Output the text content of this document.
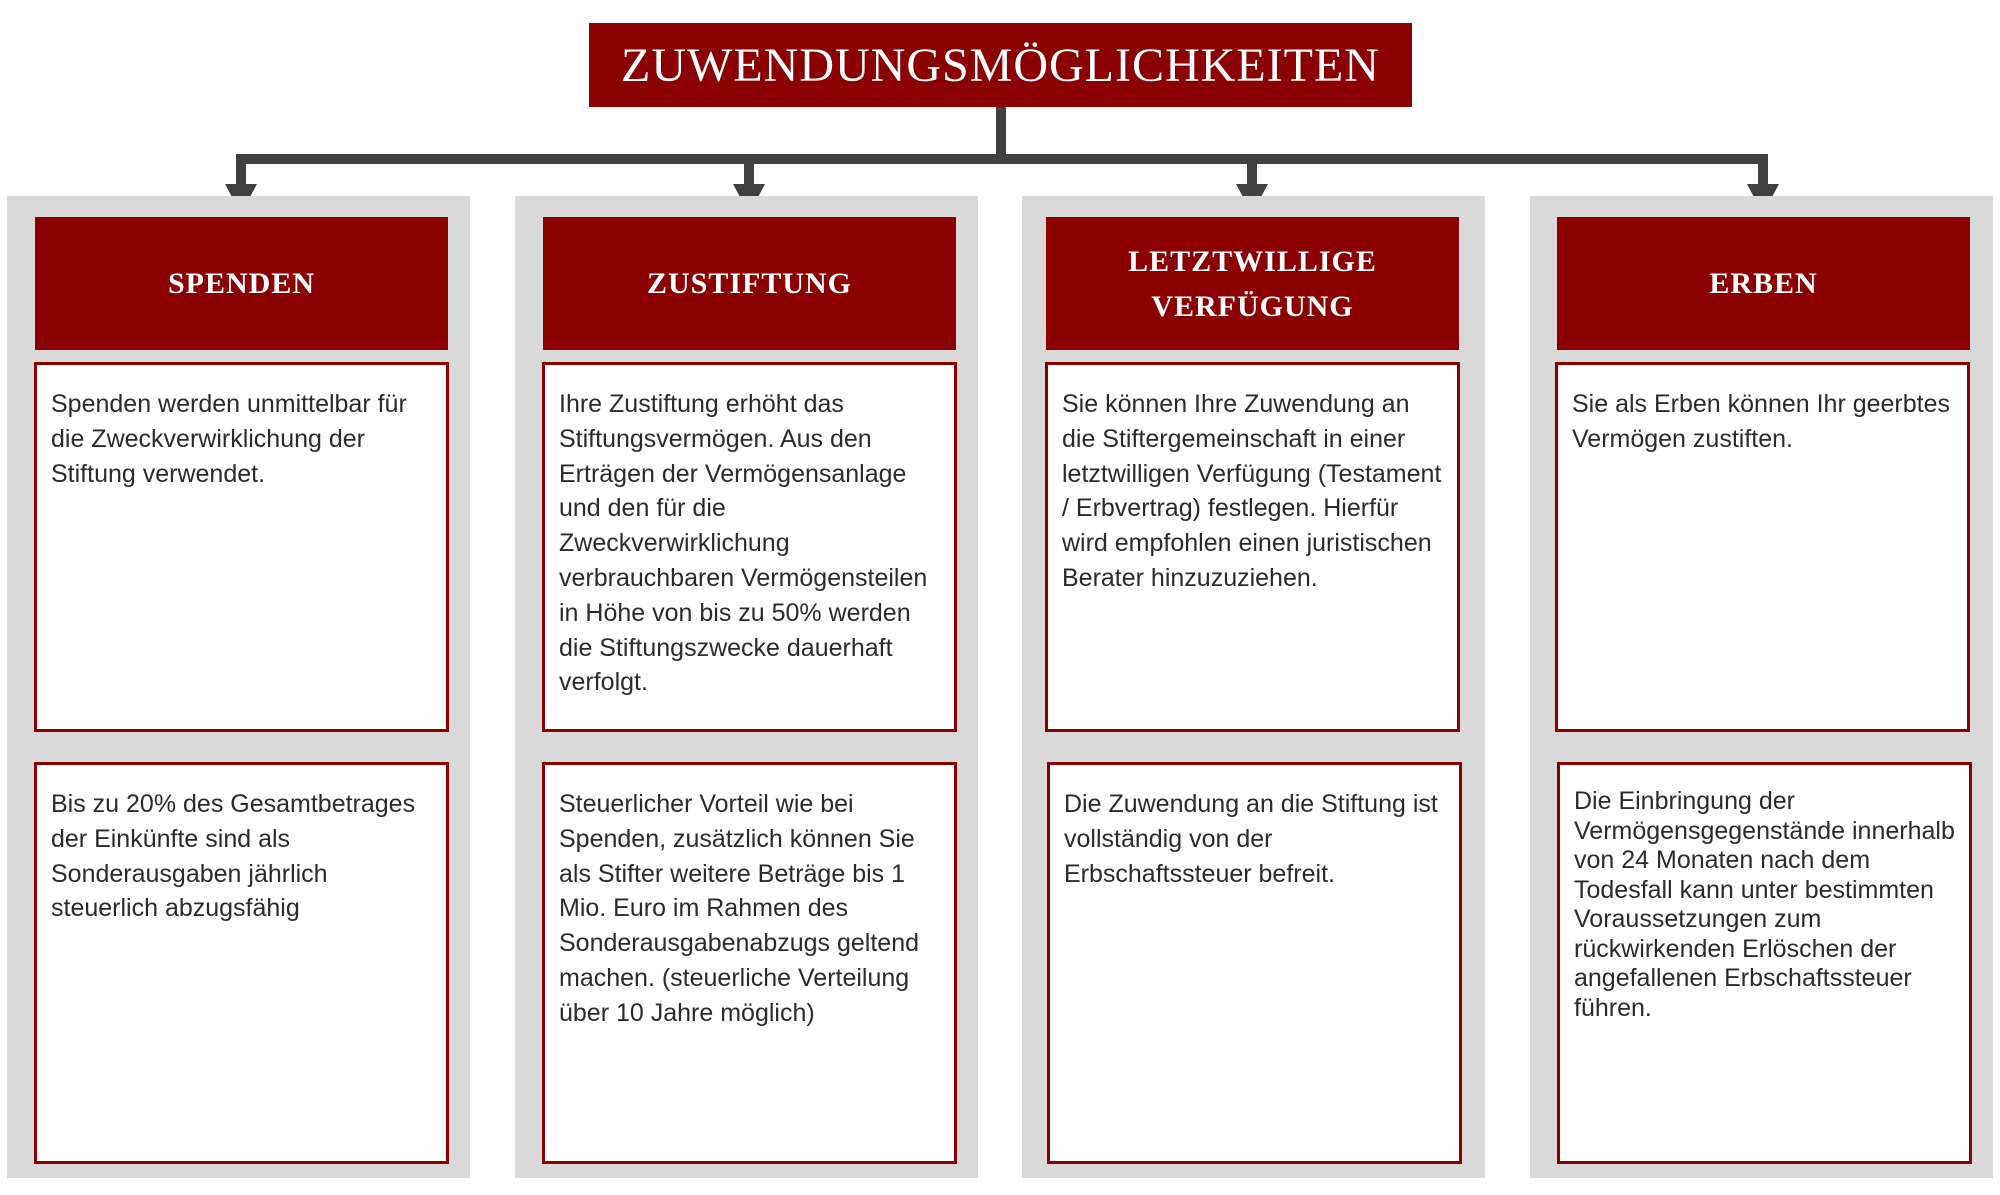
ZUWENDUNGSMÖGLICHKEITEN
SPENDEN	ZUSTIFTUNG
LETZTWILLIGE
VERFÜGUNG
ERBEN
Spenden werden unmittelbar für die Zweckverwirklichung der Stiftung verwendet.
Ihre Zustiftung erhöht das Stiftungsvermögen. Aus den Erträgen der Vermögensanlage und den für die Zweckverwirklichung verbrauchbaren Vermögensteilen in Höhe von bis zu 50% werden die Stiftungszwecke dauerhaft verfolgt.
Sie können Ihre Zuwendung an die Stiftergemeinschaft in einer letztwilligen Verfügung (Testament / Erbvertrag) festlegen. Hierfür wird empfohlen einen juristischen Berater hinzuzuziehen.
Sie als Erben können Ihr geerbtes Vermögen zustiften.
Bis zu 20% des Gesamtbetrages der Einkünfte sind als Sonderausgaben jährlich steuerlich abzugsfähig
Steuerlicher Vorteil wie bei Spenden, zusätzlich können Sie als Stifter weitere Beträge bis 1 Mio. Euro im Rahmen des Sonderausgabenabzugs geltend machen. (steuerliche Verteilung über 10 Jahre möglich)
Die Zuwendung an die Stiftung ist vollständig von der Erbschaftssteuer befreit.
Die Einbringung der Vermögensgegenstände innerhalb von 24 Monaten nach dem Todesfall kann unter bestimmten Voraussetzungen zum rückwirkenden Erlöschen der angefallenen Erbschaftssteuer führen.
